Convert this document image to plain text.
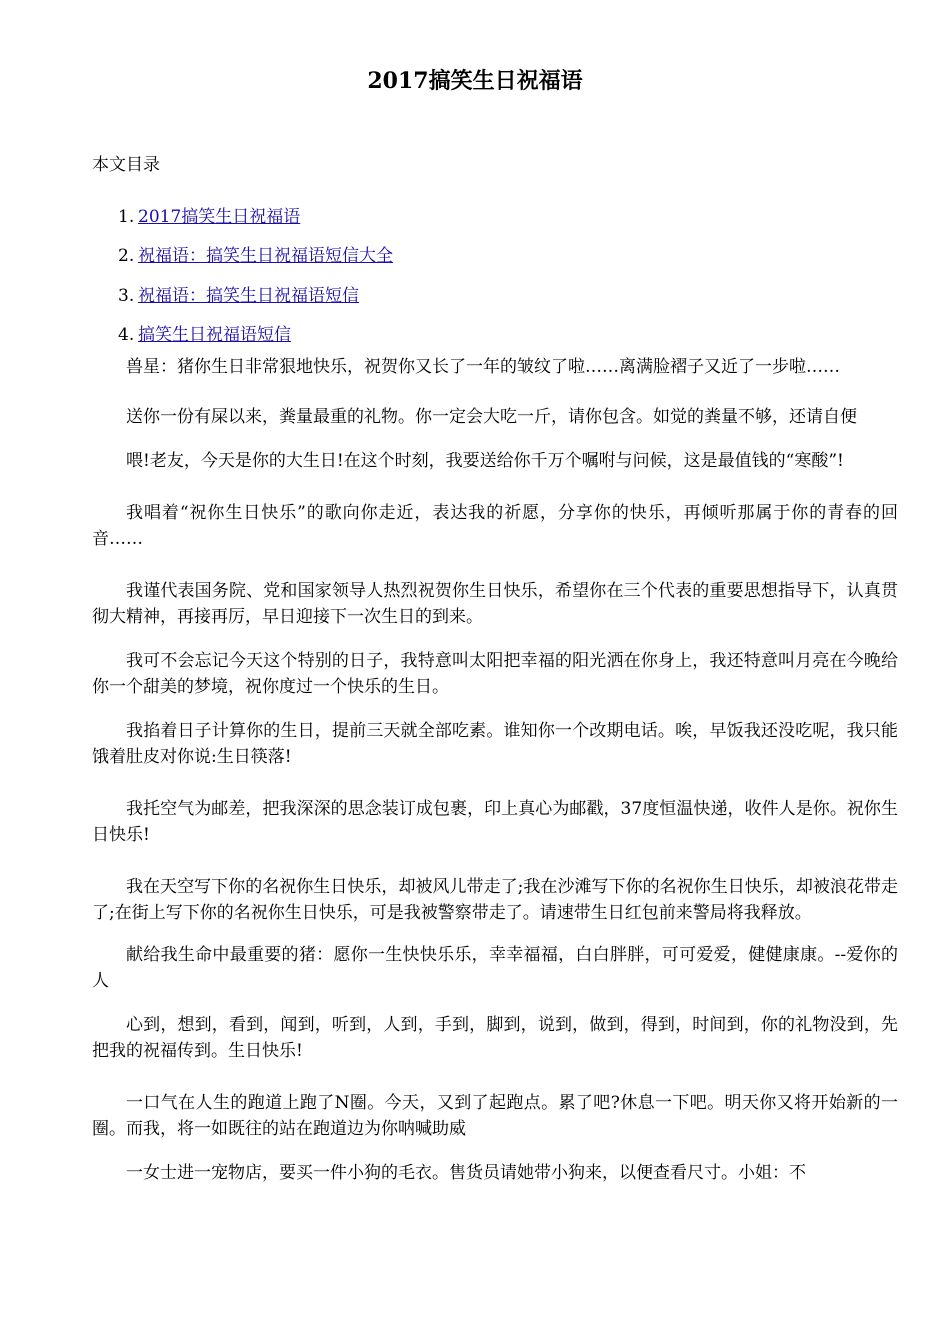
2017搞笑生日祝福语
本文目录
1. 2017搞笑生日祝福语
2. 祝福语：搞笑生日祝福语短信大全
3. 祝福语：搞笑生日祝福语短信
4. 搞笑生日祝福语短信

兽星：猪你生日非常狠地快乐，祝贺你又长了一年的皱纹了啦……离满脸褶子又近了一步啦……

送你一份有屎以来，粪量最重的礼物。你一定会大吃一斤，请你包含。如觉的粪量不够，还请自便

喂!老友，今天是你的大生日!在这个时刻，我要送给你千万个嘱咐与问候，这是最值钱的“寒酸”!

我唱着“祝你生日快乐”的歌向你走近，表达我的祈愿，分享你的快乐，再倾听那属于你的青春的回音……

我谨代表国务院、党和国家领导人热烈祝贺你生日快乐，希望你在三个代表的重要思想指导下，认真贯彻大精神，再接再厉，早日迎接下一次生日的到来。

我可不会忘记今天这个特别的日子，我特意叫太阳把幸福的阳光洒在你身上，我还特意叫月亮在今晚给你一个甜美的梦境，祝你度过一个快乐的生日。

我掐着日子计算你的生日，提前三天就全部吃素。谁知你一个改期电话。唉，早饭我还没吃呢，我只能饿着肚皮对你说:生日筷落!

我托空气为邮差，把我深深的思念装订成包裹，印上真心为邮戳，37度恒温快递，收件人是你。祝你生日快乐!

我在天空写下你的名祝你生日快乐，却被风儿带走了;我在沙滩写下你的名祝你生日快乐，却被浪花带走了;在街上写下你的名祝你生日快乐，可是我被警察带走了。请速带生日红包前来警局将我释放。

献给我生命中最重要的猪：愿你一生快快乐乐，幸幸福福，白白胖胖，可可爱爱，健健康康。--爱你的人

心到，想到，看到，闻到，听到，人到，手到，脚到，说到，做到，得到，时间到，你的礼物没到，先把我的祝福传到。生日快乐!

一口气在人生的跑道上跑了N圈。今天，又到了起跑点。累了吧?休息一下吧。明天你又将开始新的一圈。而我，将一如既往的站在跑道边为你呐喊助威

一女士进一宠物店，要买一件小狗的毛衣。售货员请她带小狗来，以便查看尺寸。小姐：不
